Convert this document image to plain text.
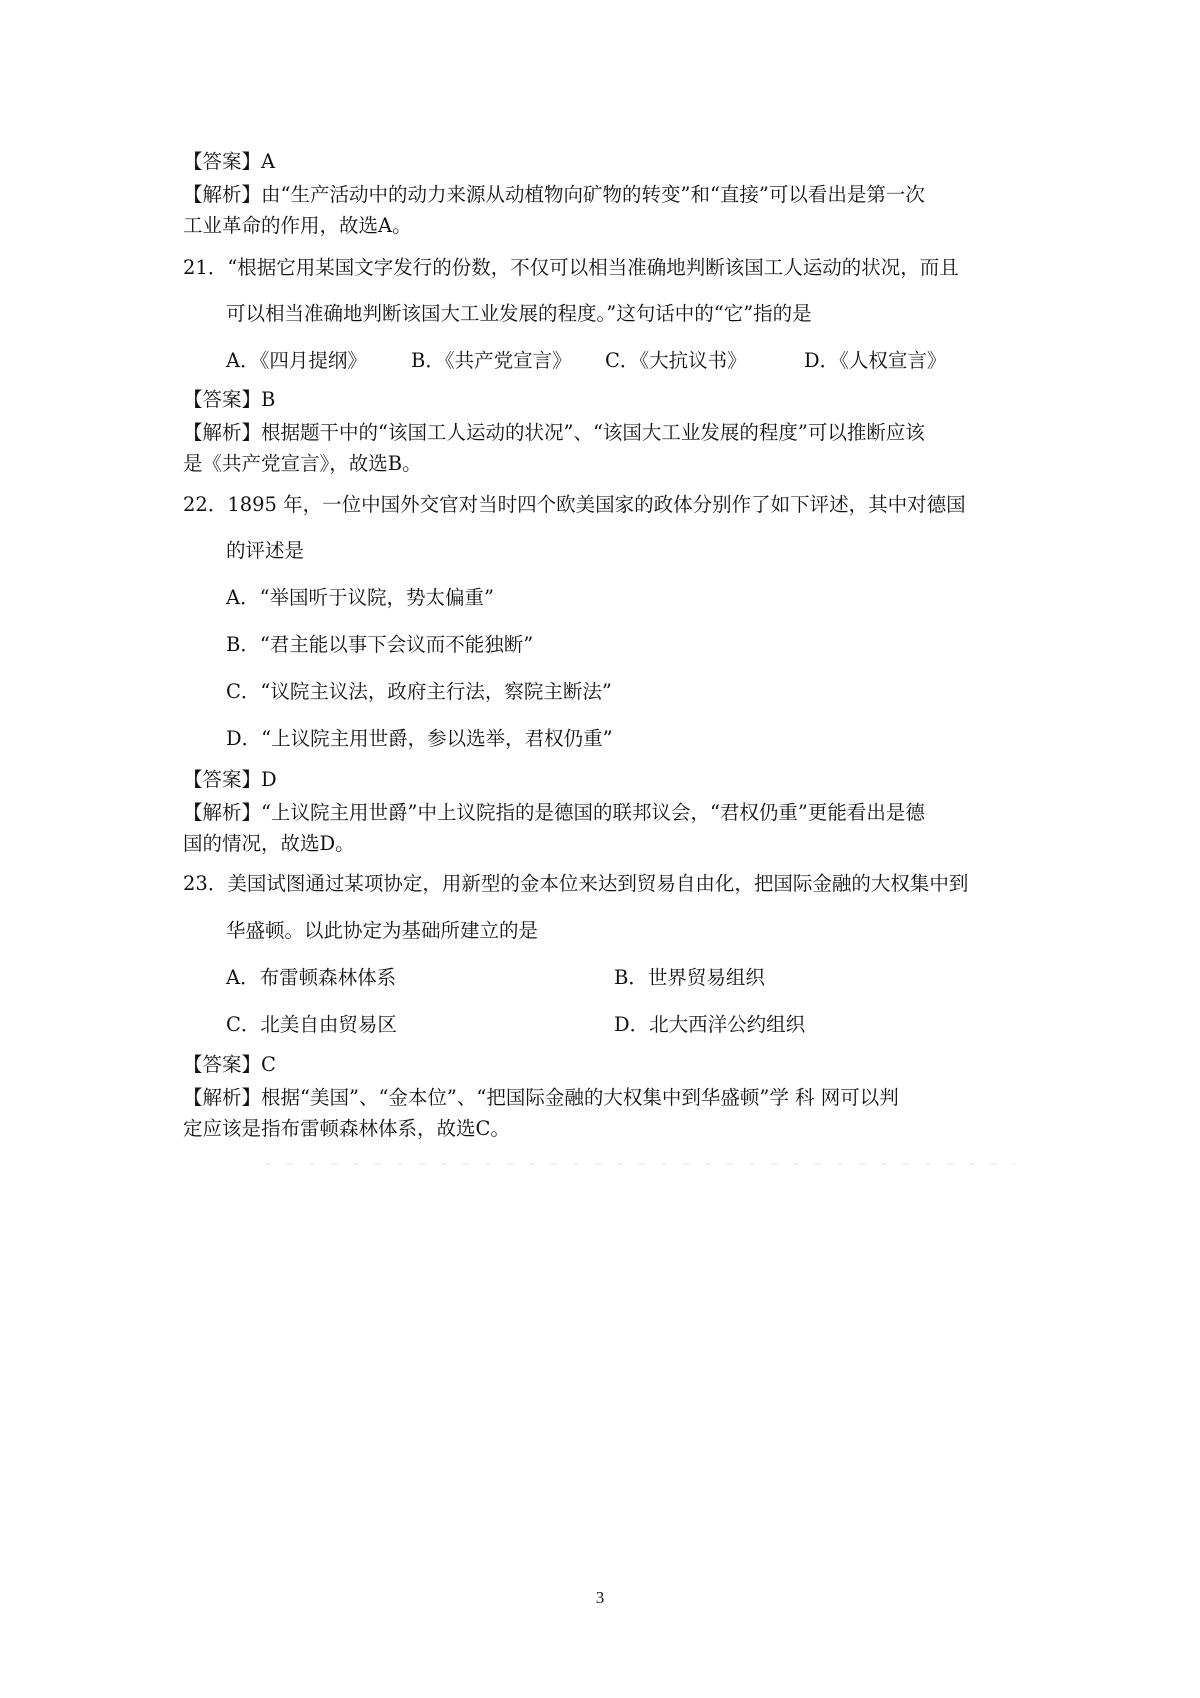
【答案】A
【解析】由“生产活动中的动力来源从动植物向矿物的转变”和“直接”可以看出是第一次
工业革命的作用，故选A。
21．“根据它用某国文字发行的份数，不仅可以相当准确地判断该国工人运动的状况，而且
可以相当准确地判断该国大工业发展的程度。”这句话中的“它”指的是
A．《四月提纲》 B．《共产党宣言》 C．《大抗议书》	D．《人权宣言》
【答案】B
【解析】根据题干中的“该国工人运动的状况”、“该国大工业发展的程度”可以推断应该
是《共产党宣言》，故选B。
22．1895 年，一位中国外交官对当时四个欧美国家的政体分别作了如下评述，其中对德国
的评述是
A．“举国听于议院，势太偏重”
B．“君主能以事下会议而不能独断”
C．“议院主议法，政府主行法，察院主断法”
D．“上议院主用世爵，参以选举，君权仍重”
【答案】D
【解析】“上议院主用世爵”中上议院指的是德国的联邦议会，“君权仍重”更能看出是德
国的情况，故选D。
23．美国试图通过某项协定，用新型的金本位来达到贸易自由化，把国际金融的大权集中到
华盛顿。以此协定为基础所建立的是
A．布雷顿森林体系	B．世界贸易组织
C．北美自由贸易区	D．北大西洋公约组织
【答案】C
【解析】根据“美国”、“金本位”、“把国际金融的大权集中到华盛顿”学 科 网可以判
定应该是指布雷顿森林体系，故选C。
3
